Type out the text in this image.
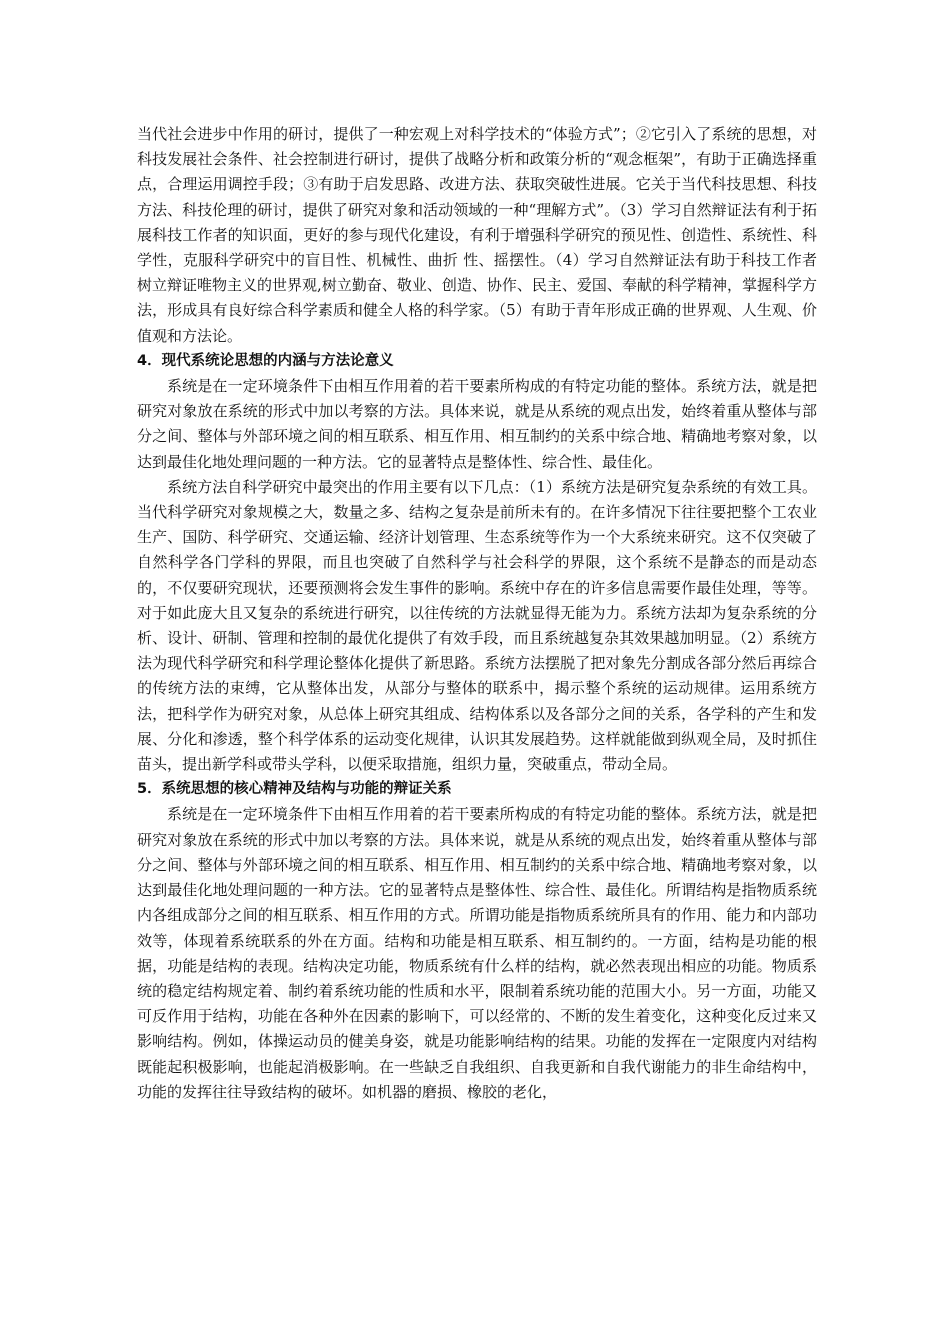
当代社会进步中作用的研讨，提供了一种宏观上对科学技术的“体验方式”；②它引入了系统的思想，对科技发展社会条件、社会控制进行研讨，提供了战略分析和政策分析的“观念框架”，有助于正确选择重点，合理运用调控手段；③有助于启发思路、改进方法、获取突破性进展。它关于当代科技思想、科技方法、科技伦理的研讨，提供了研究对象和活动领域的一种“理解方式”。（3）学习自然辩证法有利于拓展科技工作者的知识面，更好的参与现代化建设，有利于增强科学研究的预见性、创造性、系统性、科学性，克服科学研究中的盲目性、机械性、曲折 性、摇摆性。（4）学习自然辩证法有助于科技工作者树立辩证唯物主义的世界观,树立勤奋、敬业、创造、协作、民主、爱国、奉献的科学精神，掌握科学方法，形成具有良好综合科学素质和健全人格的科学家。（5）有助于青年形成正确的世界观、人生观、价值观和方法论。

4．现代系统论思想的内涵与方法论意义

系统是在一定环境条件下由相互作用着的若干要素所构成的有特定功能的整体。系统方法，就是把研究对象放在系统的形式中加以考察的方法。具体来说，就是从系统的观点出发，始终着重从整体与部分之间、整体与外部环境之间的相互联系、相互作用、相互制约的关系中综合地、精确地考察对象，以达到最佳化地处理问题的一种方法。它的显著特点是整体性、综合性、最佳化。

系统方法自科学研究中最突出的作用主要有以下几点：（1）系统方法是研究复杂系统的有效工具。当代科学研究对象规模之大，数量之多、结构之复杂是前所未有的。在许多情况下往往要把整个工农业生产、国防、科学研究、交通运输、经济计划管理、生态系统等作为一个大系统来研究。这不仅突破了自然科学各门学科的界限，而且也突破了自然科学与社会科学的界限，这个系统不是静态的而是动态的，不仅要研究现状，还要预测将会发生事件的影响。系统中存在的许多信息需要作最佳处理，等等。对于如此庞大且又复杂的系统进行研究，以往传统的方法就显得无能为力。系统方法却为复杂系统的分析、设计、研制、管理和控制的最优化提供了有效手段，而且系统越复杂其效果越加明显。（2）系统方法为现代科学研究和科学理论整体化提供了新思路。系统方法摆脱了把对象先分割成各部分然后再综合的传统方法的束缚，它从整体出发，从部分与整体的联系中，揭示整个系统的运动规律。运用系统方法，把科学作为研究对象，从总体上研究其组成、结构体系以及各部分之间的关系，各学科的产生和发展、分化和渗透，整个科学体系的运动变化规律，认识其发展趋势。这样就能做到纵观全局，及时抓住苗头，提出新学科或带头学科，以便采取措施，组织力量，突破重点，带动全局。

5．系统思想的核心精神及结构与功能的辩证关系

系统是在一定环境条件下由相互作用着的若干要素所构成的有特定功能的整体。系统方法，就是把研究对象放在系统的形式中加以考察的方法。具体来说，就是从系统的观点出发，始终着重从整体与部分之间、整体与外部环境之间的相互联系、相互作用、相互制约的关系中综合地、精确地考察对象，以达到最佳化地处理问题的一种方法。它的显著特点是整体性、综合性、最佳化。所谓结构是指物质系统内各组成部分之间的相互联系、相互作用的方式。所谓功能是指物质系统所具有的作用、能力和内部功效等，体现着系统联系的外在方面。结构和功能是相互联系、相互制约的。一方面，结构是功能的根据，功能是结构的表现。结构决定功能，物质系统有什么样的结构，就必然表现出相应的功能。物质系统的稳定结构规定着、制约着系统功能的性质和水平，限制着系统功能的范围大小。另一方面，功能又可反作用于结构，功能在各种外在因素的影响下，可以经常的、不断的发生着变化，这种变化反过来又影响结构。例如，体操运动员的健美身姿，就是功能影响结构的结果。功能的发挥在一定限度内对结构既能起积极影响，也能起消极影响。在一些缺乏自我组织、自我更新和自我代谢能力的非生命结构中，功能的发挥往往导致结构的破坏。如机器的磨损、橡胶的老化，
